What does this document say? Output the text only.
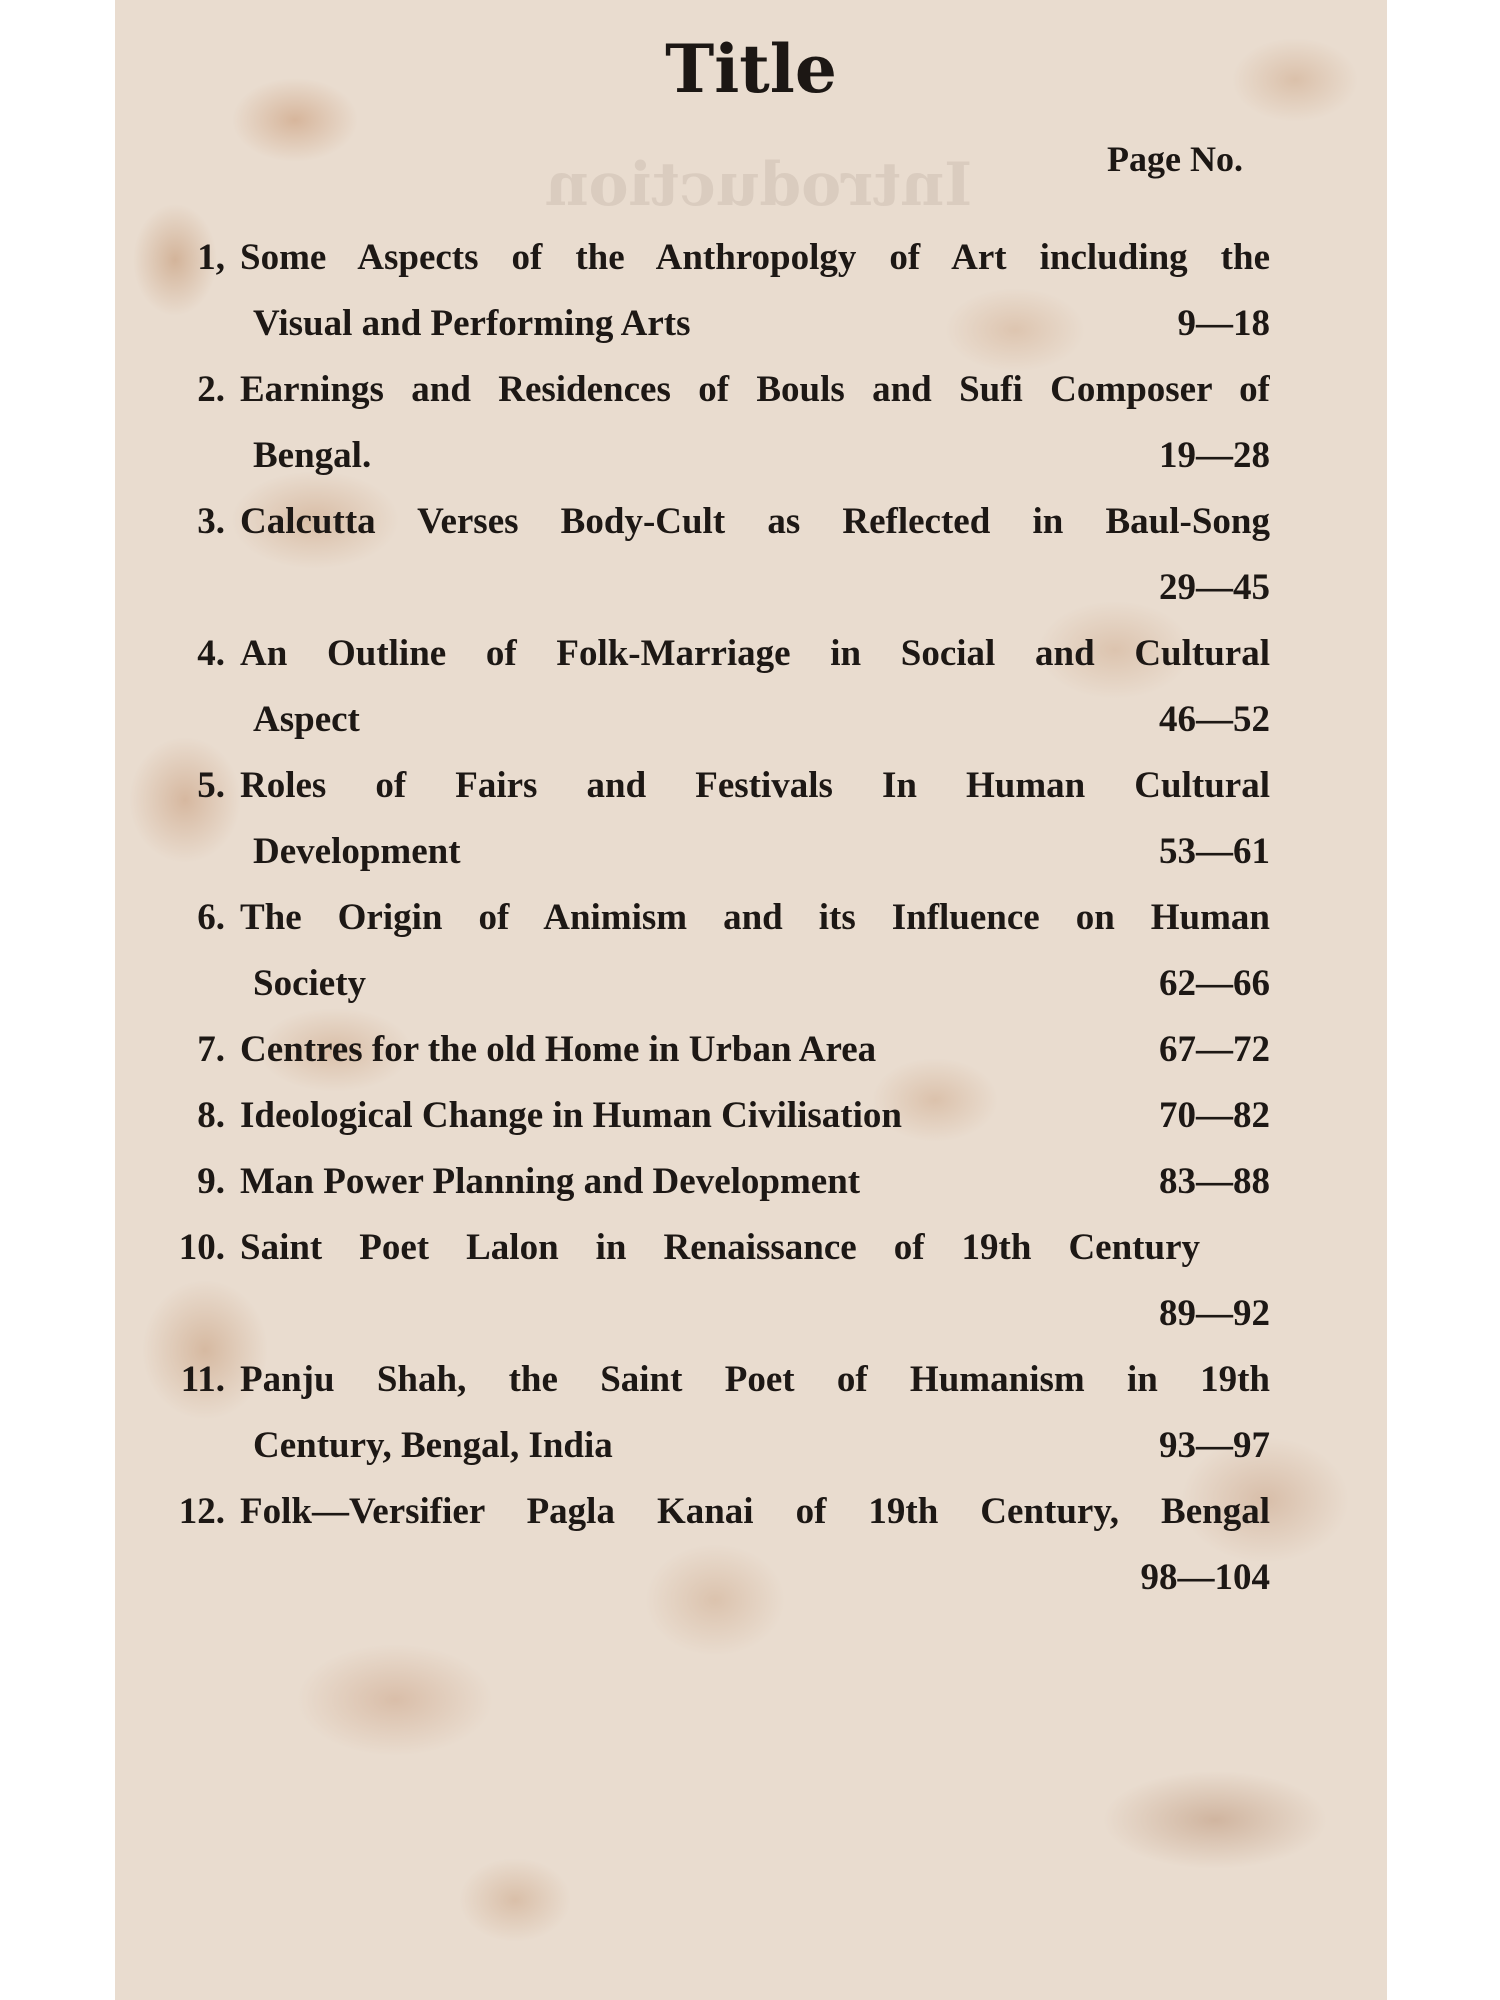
Introduction
Title
Page No.
1, Some Aspects of the Anthropolgy of Art including the
Visual and Performing Arts	9—18
2. Earnings and Residences of Bouls and Sufi Composer of
Bengal.	19—28
3. Calcutta Verses Body-Cult as Reflected in Baul-Song
29—45
4. An Outline of Folk-Marriage in Social and Cultural
Aspect	46—52
5. Roles of Fairs and Festivals In Human Cultural
Development	53—61
6. The Origin of Animism and its Influence on Human
Society	62—66
7. Centres for the old Home in Urban Area	67—72
8. Ideological Change in Human Civilisation	70—82
9. Man Power Planning and Development	83—88
10. Saint Poet Lalon in Renaissance of 19th Century
89—92
11. Panju Shah, the Saint Poet of Humanism in 19th
Century, Bengal, India	93—97
12. Folk—Versifier Pagla Kanai of 19th Century, Bengal
98—104
